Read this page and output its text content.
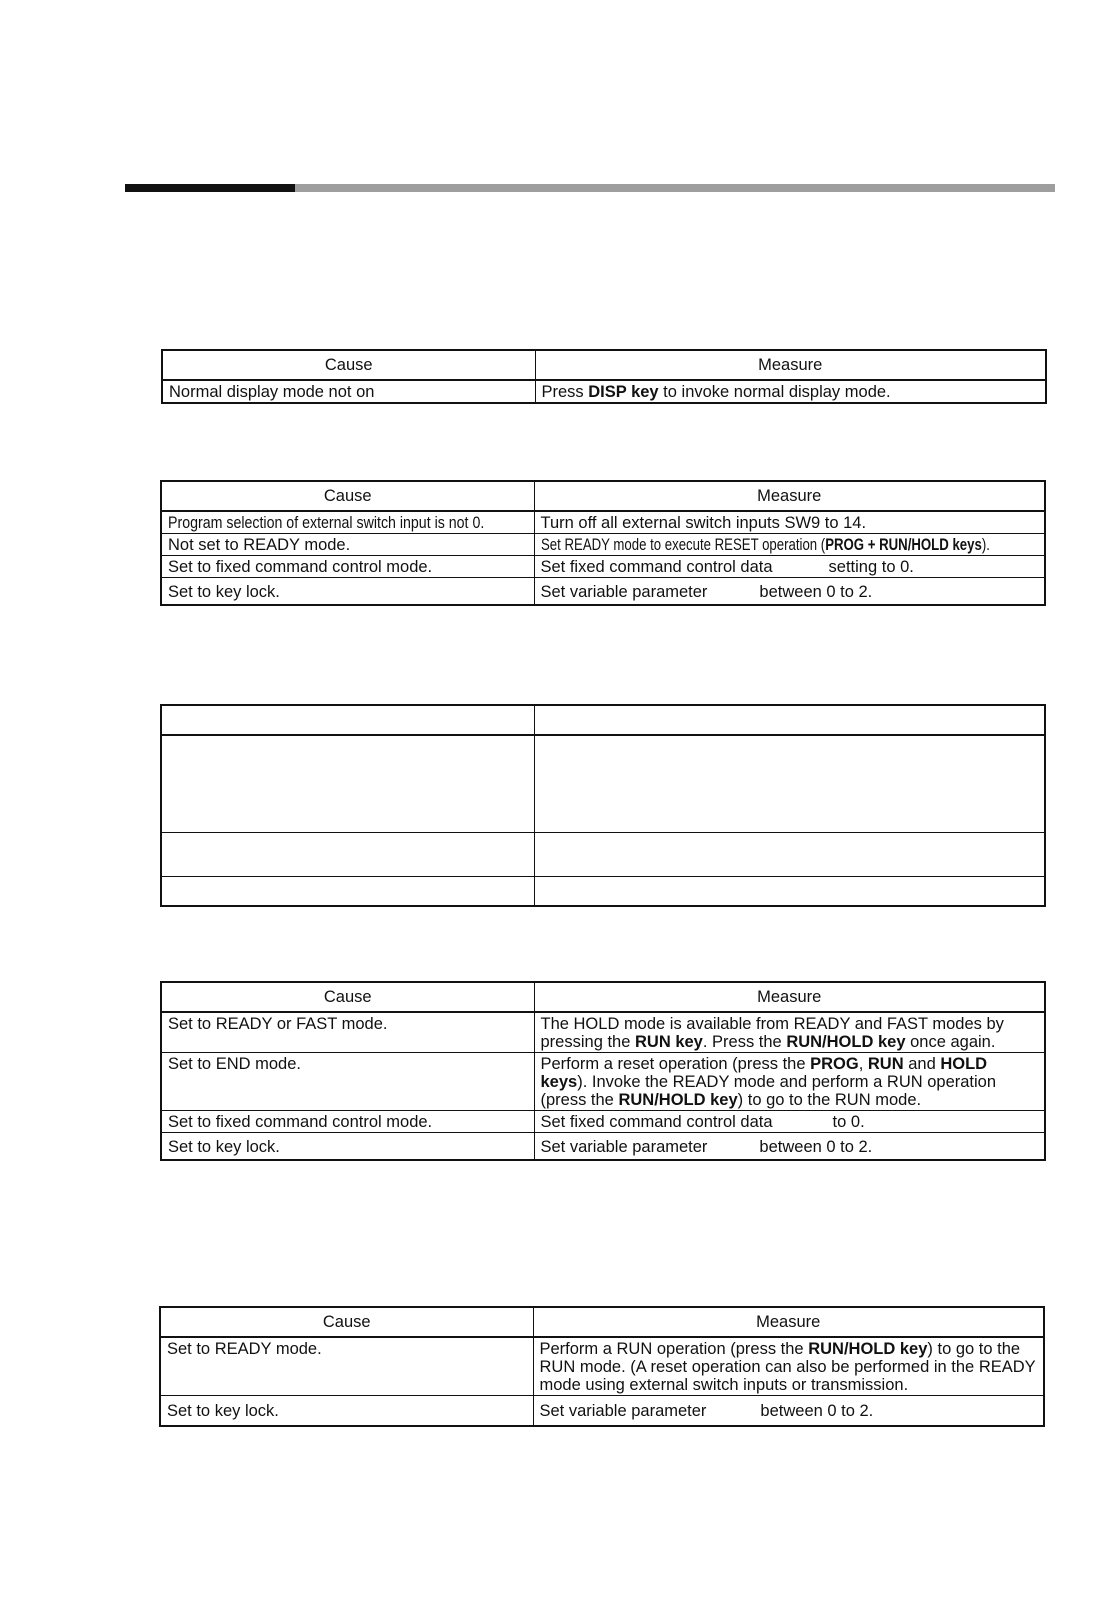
Cause	Measure
Normal display mode not on	Press DISP key to invoke normal display mode.
Cause	Measure
Program selection of external switch input is not 0.	Turn off all external switch inputs SW9 to 14.
Not set to READY mode.	Set READY mode to execute RESET operation (PROG + RUN/HOLD keys).
Set to fixed command control mode.	Set fixed command control data setting to 0.
Set to key lock.	Set variable parameter between 0 to 2.

Cause	Measure
Set to READY or FAST mode.	The HOLD mode is available from READY and FAST modes by pressing the RUN key. Press the RUN/HOLD key once again.
Set to END mode.	Perform a reset operation (press the PROG, RUN and HOLD keys). Invoke the READY mode and perform a RUN operation (press the RUN/HOLD key) to go to the RUN mode.
Set to fixed command control mode.	Set fixed command control data to 0.
Set to key lock.	Set variable parameter between 0 to 2.
Cause	Measure
Set to READY mode.	Perform a RUN operation (press the RUN/HOLD key) to go to the RUN mode. (A reset operation can also be performed in the READY mode using external switch inputs or transmission.
Set to key lock.	Set variable parameter between 0 to 2.
